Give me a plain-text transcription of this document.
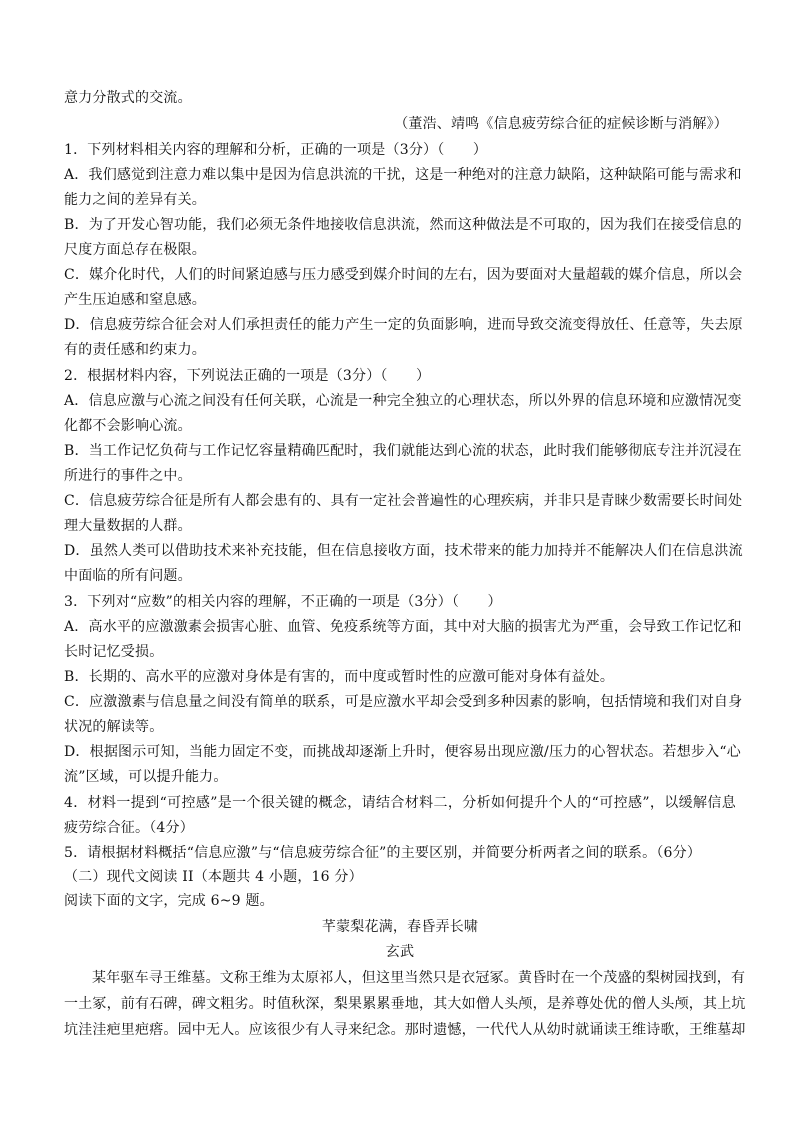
意力分散式的交流。
（董浩、靖鸣《信息疲劳综合征的症候诊断与消解》）
1．下列材料相关内容的理解和分析，正确的一项是（3分）（　　）
A．我们感觉到注意力难以集中是因为信息洪流的干扰，这是一种绝对的注意力缺陷，这种缺陷可能与需求和
能力之间的差异有关。
B．为了开发心智功能，我们必须无条件地接收信息洪流，然而这种做法是不可取的，因为我们在接受信息的
尺度方面总存在极限。
C．媒介化时代，人们的时间紧迫感与压力感受到媒介时间的左右，因为要面对大量超载的媒介信息，所以会
产生压迫感和窒息感。
D．信息疲劳综合征会对人们承担责任的能力产生一定的负面影响，进而导致交流变得放任、任意等，失去原
有的责任感和约束力。
2．根据材料内容，下列说法正确的一项是（3分）（　　）
A．信息应激与心流之间没有任何关联，心流是一种完全独立的心理状态，所以外界的信息环境和应激情况变
化都不会影响心流。
B．当工作记忆负荷与工作记忆容量精确匹配时，我们就能达到心流的状态，此时我们能够彻底专注并沉浸在
所进行的事件之中。
C．信息疲劳综合征是所有人都会患有的、具有一定社会普遍性的心理疾病，并非只是青睐少数需要长时间处
理大量数据的人群。
D．虽然人类可以借助技术来补充技能，但在信息接收方面，技术带来的能力加持并不能解决人们在信息洪流
中面临的所有问题。
3．下列对“应数”的相关内容的理解，不正确的一项是（3分）（　　）
A．高水平的应激激素会损害心脏、血管、免疫系统等方面，其中对大脑的损害尤为严重，会导致工作记忆和
长时记忆受损。
B．长期的、高水平的应激对身体是有害的，而中度或暂时性的应激可能对身体有益处。
C．应激激素与信息量之间没有简单的联系，可是应激水平却会受到多种因素的影响，包括情境和我们对自身
状况的解读等。
D．根据图示可知，当能力固定不变，而挑战却逐渐上升时，便容易出现应激/压力的心智状态。若想步入“心
流”区域，可以提升能力。
4．材料一提到“可控感”是一个很关键的概念，请结合材料二，分析如何提升个人的“可控感”，以缓解信息
疲劳综合征。（4分）
5．请根据材料概括“信息应激”与“信息疲劳综合征”的主要区别，并简要分析两者之间的联系。（6分）
（二）现代文阅读 II（本题共 4 小题，16 分）
阅读下面的文字，完成 6~9 题。
芊蒙梨花满，春昏弄长啸
玄武
某年驱车寻王维墓。文称王维为太原祁人，但这里当然只是衣冠冢。黄昏时在一个茂盛的梨树园找到，有
一土冢，前有石碑，碑文粗劣。时值秋深，梨果累累垂地，其大如僧人头颅，是养尊处优的僧人头颅，其上坑
坑洼洼疤里疤瘩。园中无人。应该很少有人寻来纪念。那时遗憾，一代代人从幼时就诵读王维诗歌，王维墓却
